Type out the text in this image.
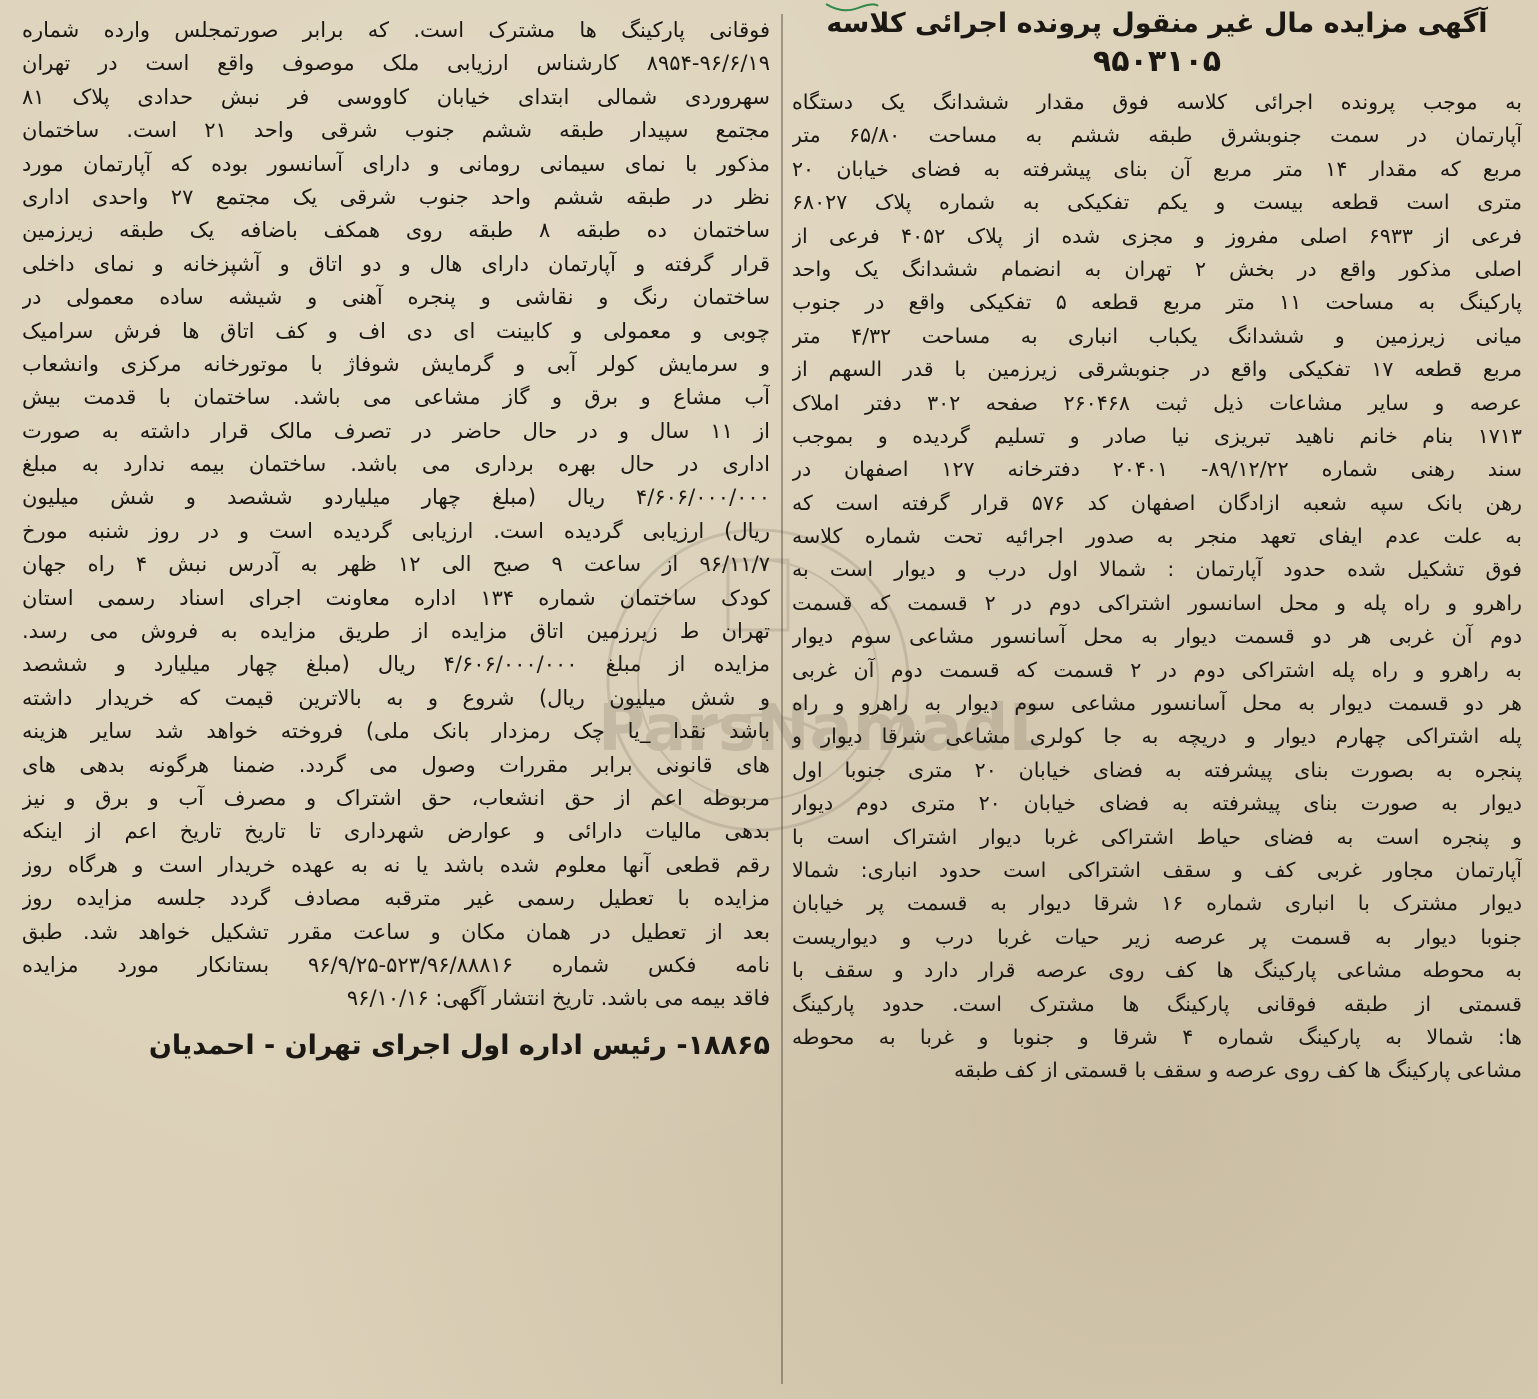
ParsNamadD
آگهی مزایده مال غیر منقول پرونده اجرائی کلاسه
۹۵۰۳۱۰۵
به موجب پرونده اجرائی کلاسه فوق مقدار ششدانگ یک دستگاه
آپارتمان در سمت جنوبشرق طبقه ششم به مساحت ۶۵/۸۰ متر
مربع که مقدار ۱۴ متر مربع آن بنای پیشرفته به فضای خیابان ۲۰
متری است قطعه بیست و یکم تفکیکی به شماره پلاک ۶۸۰۲۷
فرعی از ۶۹۳۳ اصلی مفروز و مجزی شده از پلاک ۴۰۵۲ فرعی از
اصلی مذکور واقع در بخش ۲ تهران به انضمام ششدانگ یک واحد
پارکینگ به مساحت ۱۱ متر مربع قطعه ۵ تفکیکی واقع در جنوب
میانی زیرزمین و ششدانگ یکباب انباری به مساحت ۴/۳۲ متر
مربع قطعه ۱۷ تفکیکی واقع در جنوبشرقی زیرزمین با قدر السهم از
عرصه و سایر مشاعات ذیل ثبت ۲۶۰۴۶۸ صفحه ۳۰۲ دفتر املاک
۱۷۱۳ بنام خانم ناهید تبریزی نیا صادر و تسلیم گردیده و بموجب
سند رهنی شماره ۸۹/۱۲/۲۲- ۲۰۴۰۱ دفترخانه ۱۲۷ اصفهان در
رهن بانک سپه شعبه ازادگان اصفهان کد ۵۷۶ قرار گرفته است که
به علت عدم ایفای تعهد منجر به صدور اجرائیه تحت شماره کلاسه
فوق تشکیل شده حدود آپارتمان : شمالا اول درب و دیوار است به
راهرو و راه پله و محل اسانسور اشتراکی دوم در ۲ قسمت که قسمت
دوم آن غربی هر دو قسمت دیوار به محل آسانسور مشاعی سوم دیوار
به راهرو و راه پله اشتراکی دوم در ۲ قسمت که قسمت دوم آن غربی
هر دو قسمت دیوار به محل آسانسور مشاعی سوم دیوار به راهرو و راه
پله اشتراکی چهارم دیوار و دریچه به جا کولری مشاعی شرقا دیوار و
پنجره به بصورت بنای پیشرفته به فضای خیابان ۲۰ متری جنوبا اول
دیوار به صورت بنای پیشرفته به فضای خیابان ۲۰ متری دوم دیوار
و پنجره است به فضای حیاط اشتراکی غربا دیوار اشتراک است با
آپارتمان مجاور غربی کف و سقف اشتراکی است حدود انباری: شمالا
دیوار مشترک با انباری شماره ۱۶ شرقا دیوار به قسمت پر خیابان
جنوبا دیوار به قسمت پر عرصه زیر حیات غربا درب و دیواریست
به محوطه مشاعی پارکینگ ها کف روی عرصه قرار دارد و سقف با
قسمتی از طبقه فوقانی پارکینگ ها مشترک است. حدود پارکینگ
ها: شمالا به پارکینگ شماره ۴ شرقا و جنوبا و غربا به محوطه
مشاعی پارکینگ ها کف روی عرصه و سقف با قسمتی از کف طبقه
فوقانی پارکینگ ها مشترک است. که برابر صورتمجلس وارده شماره
۸۹۵۴-۹۶/۶/۱۹ کارشناس ارزیابی ملک موصوف واقع است در تهران
سهروردی شمالی ابتدای خیابان کاووسی فر نبش حدادی پلاک ۸۱
مجتمع سپیدار طبقه ششم جنوب شرقی واحد ۲۱ است. ساختمان
مذکور با نمای سیمانی رومانی و دارای آسانسور بوده که آپارتمان مورد
نظر در طبقه ششم واحد جنوب شرقی یک مجتمع ۲۷ واحدی اداری
ساختمان ده طبقه ۸ طبقه روی همکف باضافه یک طبقه زیرزمین
قرار گرفته و آپارتمان دارای هال و دو اتاق و آشپزخانه و نمای داخلی
ساختمان رنگ و نقاشی و پنجره آهنی و شیشه ساده معمولی در
چوبی و معمولی و کابینت ای دی اف و کف اتاق ها فرش سرامیک
و سرمایش کولر آبی و گرمایش شوفاژ با موتورخانه مرکزی وانشعاب
آب مشاع و برق و گاز مشاعی می باشد. ساختمان با قدمت بیش
از ۱۱ سال و در حال حاضر در تصرف مالک قرار داشته به صورت
اداری در حال بهره برداری می باشد. ساختمان بیمه ندارد به مبلغ
۴/۶۰۶/۰۰۰/۰۰۰ ریال (مبلغ چهار میلیاردو ششصد و شش میلیون
ریال) ارزیابی گردیده است. ارزیابی گردیده است و در روز شنبه مورخ
۹۶/۱۱/۷ از ساعت ۹ صبح الی ۱۲ ظهر به آدرس نبش ۴ راه جهان
کودک ساختمان شماره ۱۳۴ اداره معاونت اجرای اسناد رسمی استان
تهران ط زیرزمین اتاق مزایده از طریق مزایده به فروش می رسد.
مزایده از مبلغ ۴/۶۰۶/۰۰۰/۰۰۰ ریال (مبلغ چهار میلیارد و ششصد
و شش میلیون ریال) شروع و به بالاترین قیمت که خریدار داشته
باشد نقدا _یا چک رمزدار بانک ملی) فروخته خواهد شد سایر هزینه
های قانونی برابر مقررات وصول می گردد. ضمنا هرگونه بدهی های
مربوطه اعم از حق انشعاب، حق اشتراک و مصرف آب و برق و نیز
بدهی مالیات دارائی و عوارض شهرداری تا تاریخ تاریخ اعم از اینکه
رقم قطعی آنها معلوم شده باشد یا نه به عهده خریدار است و هرگاه روز
مزایده با تعطیل رسمی غیر مترقبه مصادف گردد جلسه مزایده روز
بعد از تعطیل در همان مکان و ساعت مقرر تشکیل خواهد شد. طبق
نامه فکس شماره ۵۲۳/۹۶/۸۸۸۱۶-۹۶/۹/۲۵ بستانکار مورد مزایده
فاقد بیمه می باشد. تاریخ انتشار آگهی: ۹۶/۱۰/۱۶
۱۸۸۶۵- رئیس اداره اول اجرای تهران - احمدیان
